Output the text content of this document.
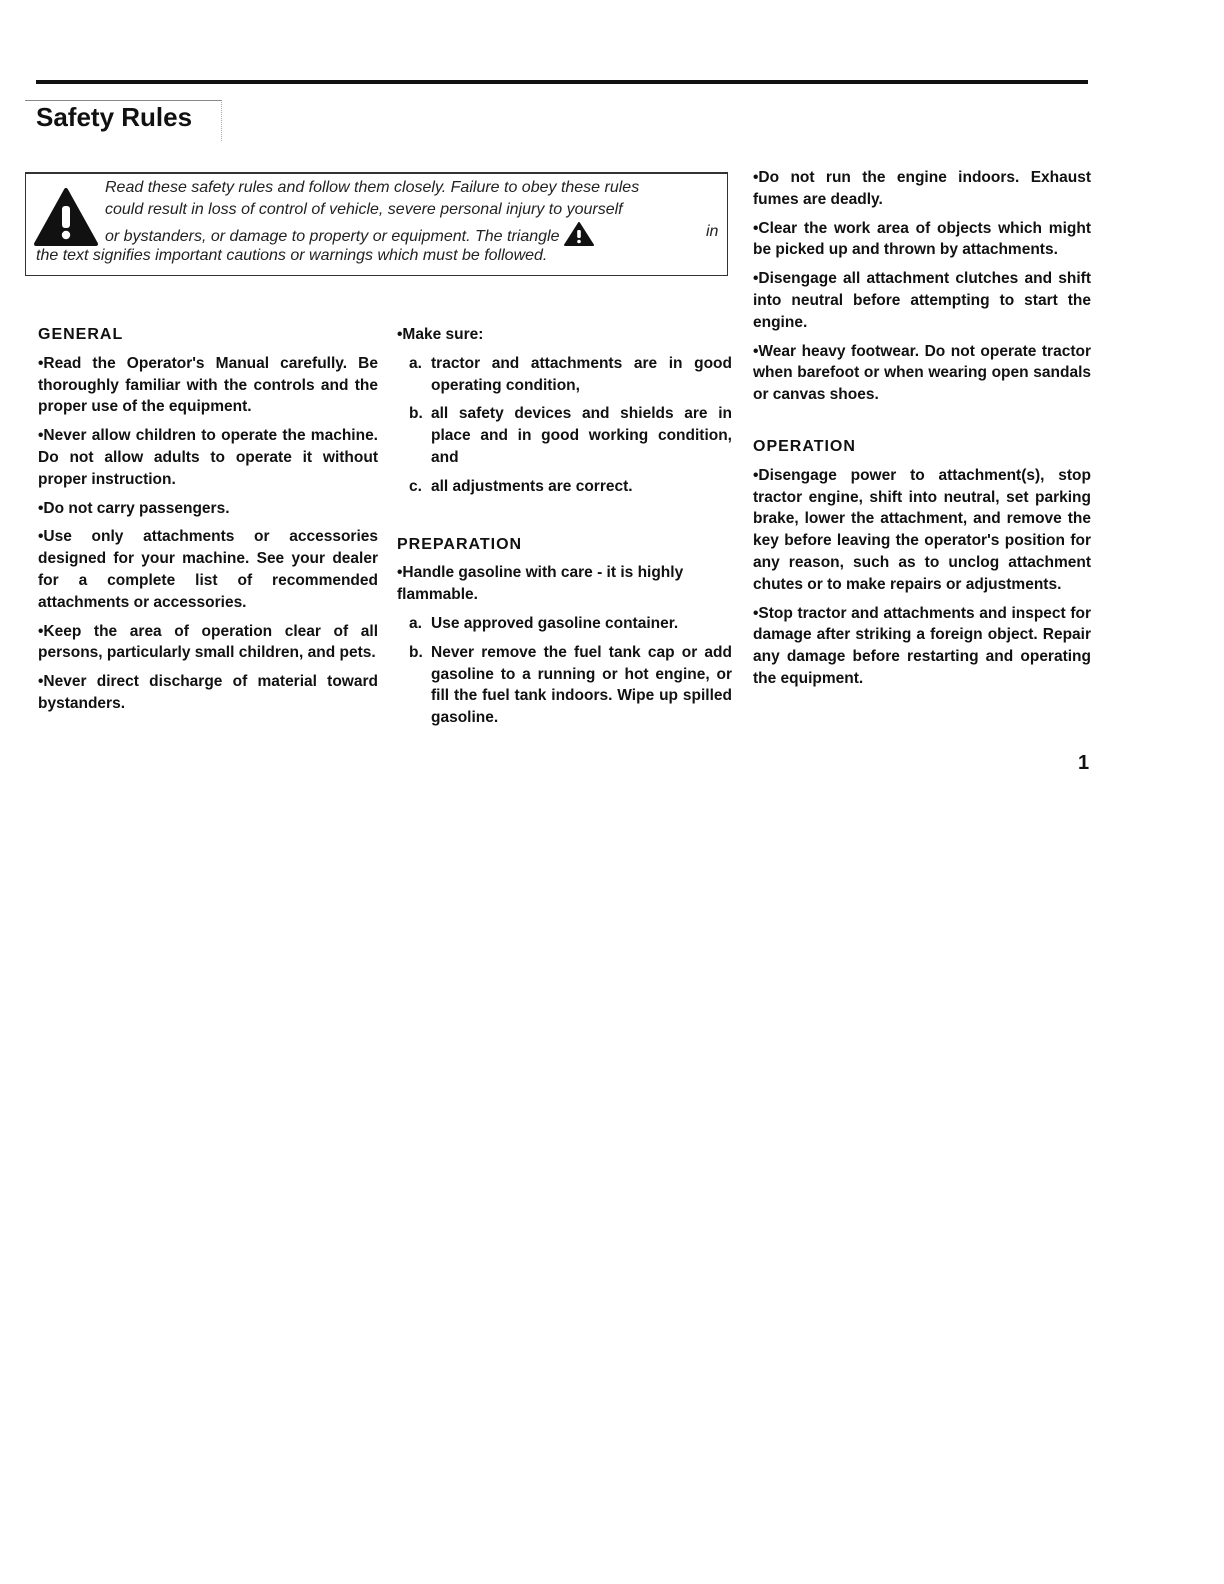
Safety Rules

Read these safety rules and follow them closely. Failure to obey these rules

could result in loss of control of vehicle, severe personal injury to yourself

or bystanders, or damage to property or equipment. The triangle	in

the text signifies important cautions or warnings which must be followed.

GENERAL

•Read the Operator's Manual carefully. Be thoroughly familiar with the controls and the proper use of the equipment.

•Never allow children to operate the machine. Do not allow adults to operate it without proper instruction.

•Do not carry passengers.

•Use only attachments or accessories designed for your machine. See your dealer for a complete list of recommended attachments or accessories.

•Keep the area of operation clear of all persons, particularly small children, and pets.

•Never direct discharge of material toward bystanders.

•Make sure:

a. tractor and attachments are in good operating condition,
b. all safety devices and shields are in place and in good working condition, and
c. all adjustments are correct.

PREPARATION

•Handle gasoline with care - it is highly flammable.

a. Use approved gasoline container.
b. Never remove the fuel tank cap or add gasoline to a running or hot engine, or fill the fuel tank indoors. Wipe up spilled gasoline.

•Do not run the engine indoors. Exhaust fumes are deadly.

•Clear the work area of objects which might be picked up and thrown by attachments.

•Disengage all attachment clutches and shift into neutral before attempting to start the engine.

•Wear heavy footwear. Do not operate tractor when barefoot or when wearing open sandals or canvas shoes.

OPERATION

•Disengage power to attachment(s), stop tractor engine, shift into neutral, set parking brake, lower the attachment, and remove the key before leaving the operator's position for any reason, such as to unclog attachment chutes or to make repairs or adjustments.

•Stop tractor and attachments and inspect for damage after striking a foreign object. Repair any damage before restarting and operating the equipment.

1
